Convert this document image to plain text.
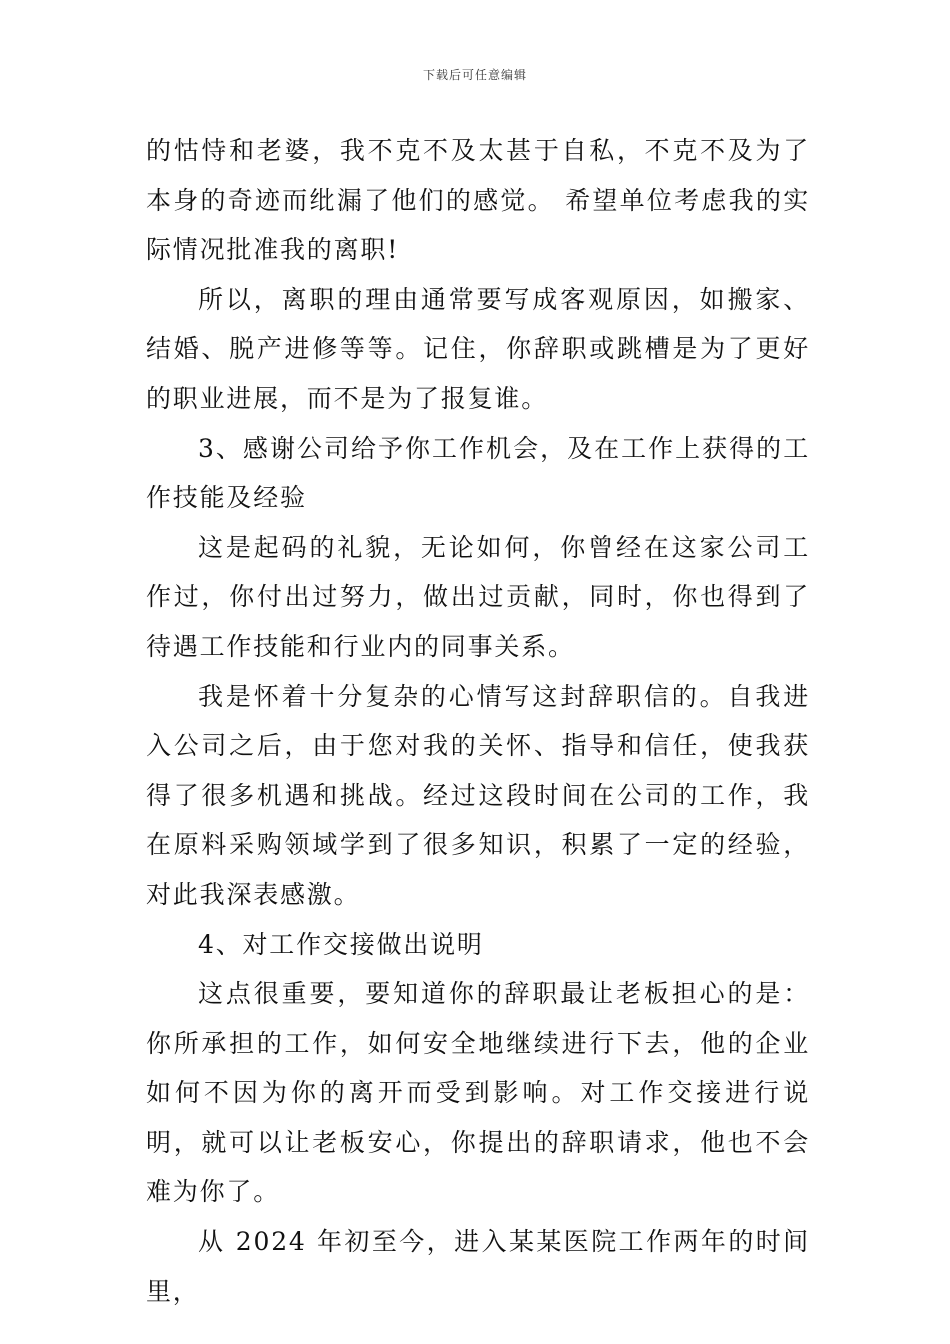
下载后可任意编辑

的怙恃和老婆，我不克不及太甚于自私，不克不及为了本身的奇迹而纰漏了他们的感觉。 希望单位考虑我的实际情况批准我的离职!

所以，离职的理由通常要写成客观原因，如搬家、结婚、脱产进修等等。记住，你辞职或跳槽是为了更好的职业进展，而不是为了报复谁。

3、感谢公司给予你工作机会，及在工作上获得的工作技能及经验

这是起码的礼貌，无论如何，你曾经在这家公司工作过，你付出过努力，做出过贡献，同时，你也得到了待遇工作技能和行业内的同事关系。

我是怀着十分复杂的心情写这封辞职信的。自我进入公司之后，由于您对我的关怀、指导和信任，使我获得了很多机遇和挑战。经过这段时间在公司的工作，我在原料采购领域学到了很多知识，积累了一定的经验，对此我深表感激。

4、对工作交接做出说明

这点很重要，要知道你的辞职最让老板担心的是：你所承担的工作，如何安全地继续进行下去，他的企业如何不因为你的离开而受到影响。对工作交接进行说明，就可以让老板安心，你提出的辞职请求，他也不会难为你了。

从 2024 年初至今，进入某某医院工作两年的时间里，
